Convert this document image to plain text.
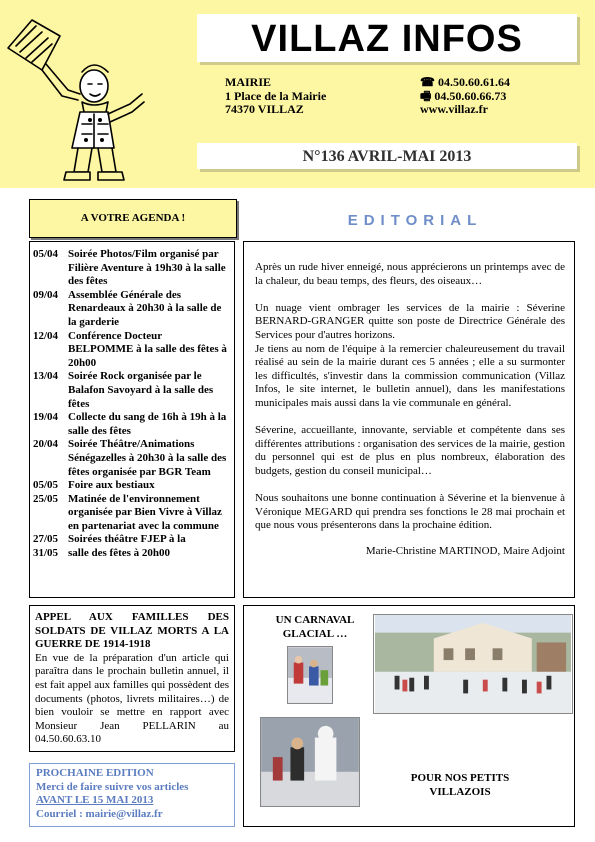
VILLAZ INFOS
MAIRIE
1 Place de la Mairie
74370 VILLAZ
☎ 04.50.60.61.64
🖷 04.50.60.66.73
www.villaz.fr
N°136 AVRIL-MAI 2013
A VOTRE AGENDA !
05/04 Soirée Photos/Film organisé par Filière Aventure à 19h30 à la salle des fêtes
09/04 Assemblée Générale des Renardeaux à 20h30 à la salle de la garderie
12/04 Conférence Docteur BELPOMME à la salle des fêtes à 20h00
13/04 Soirée Rock organisée par le Balafon Savoyard à la salle des fêtes
19/04 Collecte du sang de 16h à 19h à la salle des fêtes
20/04 Soirée Théâtre/Animations Sénégazelles à 20h30 à la salle des fêtes organisée par BGR Team
05/05 Foire aux bestiaux
25/05 Matinée de l'environnement organisée par Bien Vivre à Villaz en partenariat avec la commune
27/05 Soirées théâtre FJEP à la
31/05 salle des fêtes à 20h00
EDITORIAL

Après un rude hiver enneigé, nous apprécierons un printemps avec de la chaleur, du beau temps, des fleurs, des oiseaux…

Un nuage vient ombrager les services de la mairie : Séverine BERNARD-GRANGER quitte son poste de Directrice Générale des Services pour d'autres horizons.

Je tiens au nom de l'équipe à la remercier chaleureusement du travail réalisé au sein de la mairie durant ces 5 années ; elle a su surmonter les difficultés, s'investir dans la commission communication (Villaz Infos, le site internet, le bulletin annuel), dans les manifestations municipales mais aussi dans la vie communale en général.

Séverine, accueillante, innovante, serviable et compétente dans ses différentes attributions : organisation des services de la mairie, gestion du personnel qui est de plus en plus nombreux, élaboration des budgets, gestion du conseil municipal…

Nous souhaitons une bonne continuation à Séverine et la bienvenue à Véronique MEGARD qui prendra ses fonctions le 28 mai prochain et que nous vous présenterons dans la prochaine édition.

Marie-Christine MARTINOD, Maire Adjoint
APPEL AUX FAMILLES DES SOLDATS DE VILLAZ MORTS A LA GUERRE DE 1914-1918
En vue de la préparation d'un article qui paraîtra dans le prochain bulletin annuel, il est fait appel aux familles qui possèdent des documents (photos, livrets militaires…) de bien vouloir se mettre en rapport avec Monsieur Jean PELLARIN au 04.50.60.63.10
PROCHAINE EDITION
Merci de faire suivre vos articles
AVANT LE 15 MAI 2013
Courriel : mairie@villaz.fr
UN CARNAVAL GLACIAL …
POUR NOS PETITS VILLAZOIS
